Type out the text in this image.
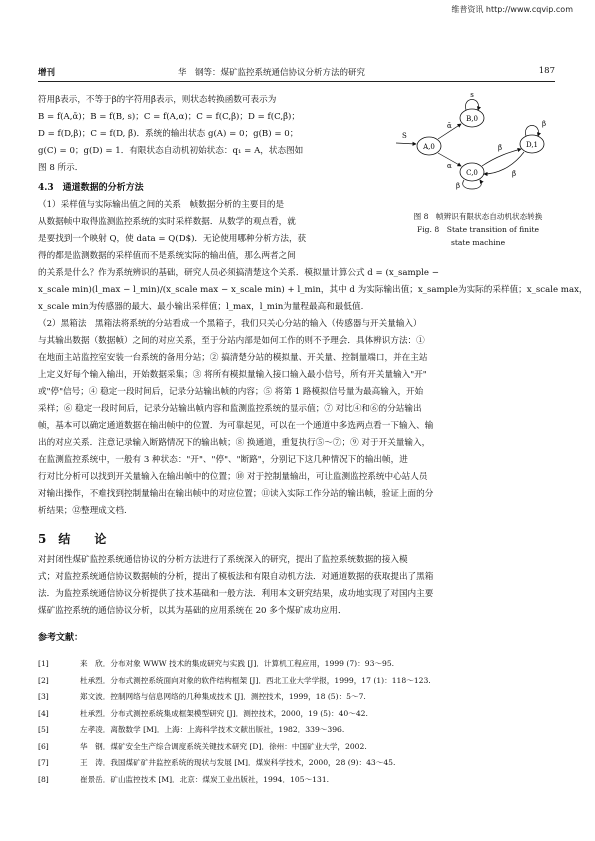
维普资讯 http://www.cqvip.com
增刊	华　钢等：煤矿监控系统通信协议分析方法的研究	187
符用β表示，不等于β的字符用β̄表示，则状态转换函数可表示为
B = f(A,ᾱ)；B = f(B, s)；C = f(A,α)；C = f(C,β)；D = f(C,β̄)；
D = f(D,β)；C = f(D, β̄)．系统的输出状态 g(A) = 0；g(B) = 0；
g(C) = 0；g(D) = 1．有限状态自动机初始状态：q₁ = A，状态图如
图 8 所示．
B,0
s
A,0
S
ᾱ
C,0
α
β
D,1
β̄
β̄
β
图 8　帧辨识有限状态自动机状态转换
Fig. 8　State transition of finite
state machine
4.3　通道数据的分析方法
（1）采样值与实际输出值之间的关系　帧数据分析的主要目的是
从数据帧中取得监测监控系统的实时采样数据．从数学的观点看，就
是要找到一个映射 Q，使 data = Q(D$)．无论使用哪种分析方法，获
得的都是监测数据的采样值而不是系统实际的输出值，那么两者之间
的关系是什么？作为系统辨识的基础，研究人员必须搞清楚这个关系．模拟量计算公式 d = (x_sample −
x_scale min)(l_max − l_min)/(x_scale max − x_scale min) + l_min，其中 d 为实际输出值；x_sample为实际的采样值；x_scale max，
x_scale min为传感器的最大、最小输出采样值；l_max，l_min为量程最高和最低值.
（2）黑箱法　黑箱法将系统的分站看成一个黑箱子，我们只关心分站的输入（传感器与开关量输入）
与其输出数据（数据帧）之间的对应关系，至于分站内部是如何工作的则不予理会．具体辨识方法：①
在地面主站监控室安装一台系统的备用分站；② 搞清楚分站的模拟量、开关量、控制量端口，并在主站
上定义好每个输入输出，开始数据采集；③ 将所有模拟量输入接口输入最小信号，所有开关量输入"开"
或"停"信号；④ 稳定一段时间后，记录分站输出帧的内容；⑤ 将第 1 路模拟信号量为最高输入，开始
采样；⑥ 稳定一段时间后，记录分站输出帧内容和监测监控系统的显示值；⑦ 对比④和⑥的分站输出
帧，基本可以确定通道数据在输出帧中的位置．为可靠起见，可以在一个通道中多选两点看一下输入、输
出的对应关系．注意记录输入断路情况下的输出帧；⑧ 换通道，重复执行⑤～⑦；⑨ 对于开关量输入，
在监测监控系统中，一般有 3 种状态："开"、"停"、"断路"，分别记下这几种情况下的输出帧，进
行对比分析可以找到开关量输入在输出帧中的位置；⑩ 对于控制量输出，可让监测监控系统中心站人员
对输出操作，不难找到控制量输出在输出帧中的对应位置；⑪读入实际工作分站的输出帧，验证上面的分
析结果；⑫整理成文档.
5　结　　论
对封闭性煤矿监控系统通信协议的分析方法进行了系统深入的研究，提出了监控系统数据的接入模
式；对监控系统通信协议数据帧的分析，提出了模板法和有限自动机方法．对通道数据的获取提出了黑箱
法．为监控系统通信协议分析提供了技术基础和一般方法．利用本文研究结果，成功地实现了对国内主要
煤矿监控系统的通信协议分析，以其为基础的应用系统在 20 多个煤矿成功应用．
参考文献：
[1]	来　欣．分布对象 WWW 技术的集成研究与实践 [J]．计算机工程应用，1999 (7)：93～95.
[2]	杜承烈．分布式测控系统面向对象的软件结构框架 [J]．西北工业大学学报，1999，17 (1)：118～123.
[3]	郑文波．控制网络与信息网络的几种集成技术 [J]．测控技术，1999，18 (5)：5～7.
[4]	杜承烈．分布式测控系统集成框架模型研究 [J]．测控技术，2000，19 (5)：40～42.
[5]	左孝凌．离散数学 [M]．上海：上海科学技术文献出版社，1982．339～396.
[6]	华　钢．煤矿安全生产综合调度系统关键技术研究 [D]．徐州：中国矿业大学，2002.
[7]	王　涛．我国煤矿矿井监控系统的现状与发展 [M]．煤炭科学技术，2000，28 (9)：43～45.
[8]	崔景岳．矿山监控技术 [M]．北京：煤炭工业出版社，1994．105～131.
